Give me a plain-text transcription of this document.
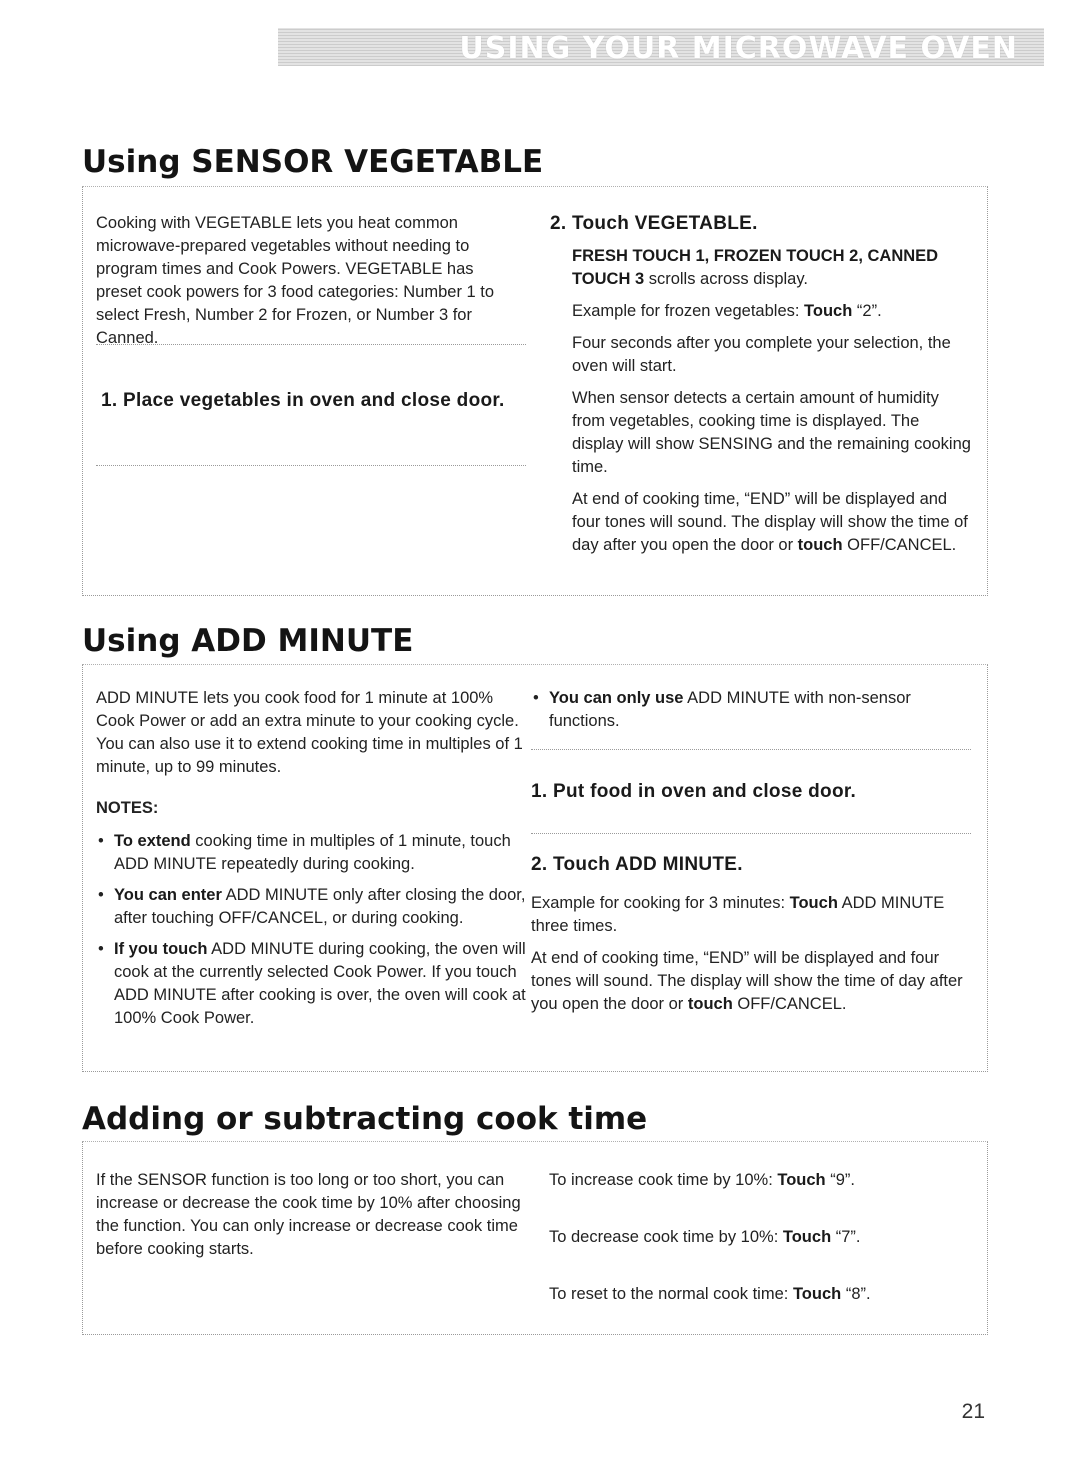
USING YOUR MICROWAVE OVEN
Using SENSOR VEGETABLE

Cooking with VEGETABLE lets you heat common microwave-prepared vegetables without needing to program times and Cook Powers. VEGETABLE has preset cook powers for 3 food categories: Number 1 to select Fresh, Number 2 for Frozen, or Number 3 for Canned.

1. Place vegetables in oven and close door.
2. Touch VEGETABLE.

FRESH TOUCH 1, FROZEN TOUCH 2, CANNED TOUCH 3 scrolls across display.

Example for frozen vegetables: Touch “2”.

Four seconds after you complete your selection, the oven will start.

When sensor detects a certain amount of humidity from vegetables, cooking time is displayed. The display will show SENSING and the remaining cooking time.

At end of cooking time, “END” will be displayed and four tones will sound. The display will show the time of day after you open the door or touch OFF/CANCEL.

Using ADD MINUTE

ADD MINUTE lets you cook food for 1 minute at 100% Cook Power or add an extra minute to your cooking cycle. You can also use it to extend cooking time in multiples of 1 minute, up to 99 minutes.

NOTES:
• To extend cooking time in multiples of 1 minute, touch ADD MINUTE repeatedly during cooking.
• You can enter ADD MINUTE only after closing the door, after touching OFF/CANCEL, or during cooking.
• If you touch ADD MINUTE during cooking, the oven will cook at the currently selected Cook Power. If you touch ADD MINUTE after cooking is over, the oven will cook at 100% Cook Power.
• You can only use ADD MINUTE with non-sensor functions.
1. Put food in oven and close door.
2. Touch ADD MINUTE.

Example for cooking for 3 minutes: Touch ADD MINUTE three times.

At end of cooking time, “END” will be displayed and four tones will sound. The display will show the time of day after you open the door or touch OFF/CANCEL.

Adding or subtracting cook time

If the SENSOR function is too long or too short, you can increase or decrease the cook time by 10% after choosing the function. You can only increase or decrease cook time before cooking starts.

To increase cook time by 10%: Touch “9”.

To decrease cook time by 10%: Touch “7”.

To reset to the normal cook time: Touch “8”.

21
